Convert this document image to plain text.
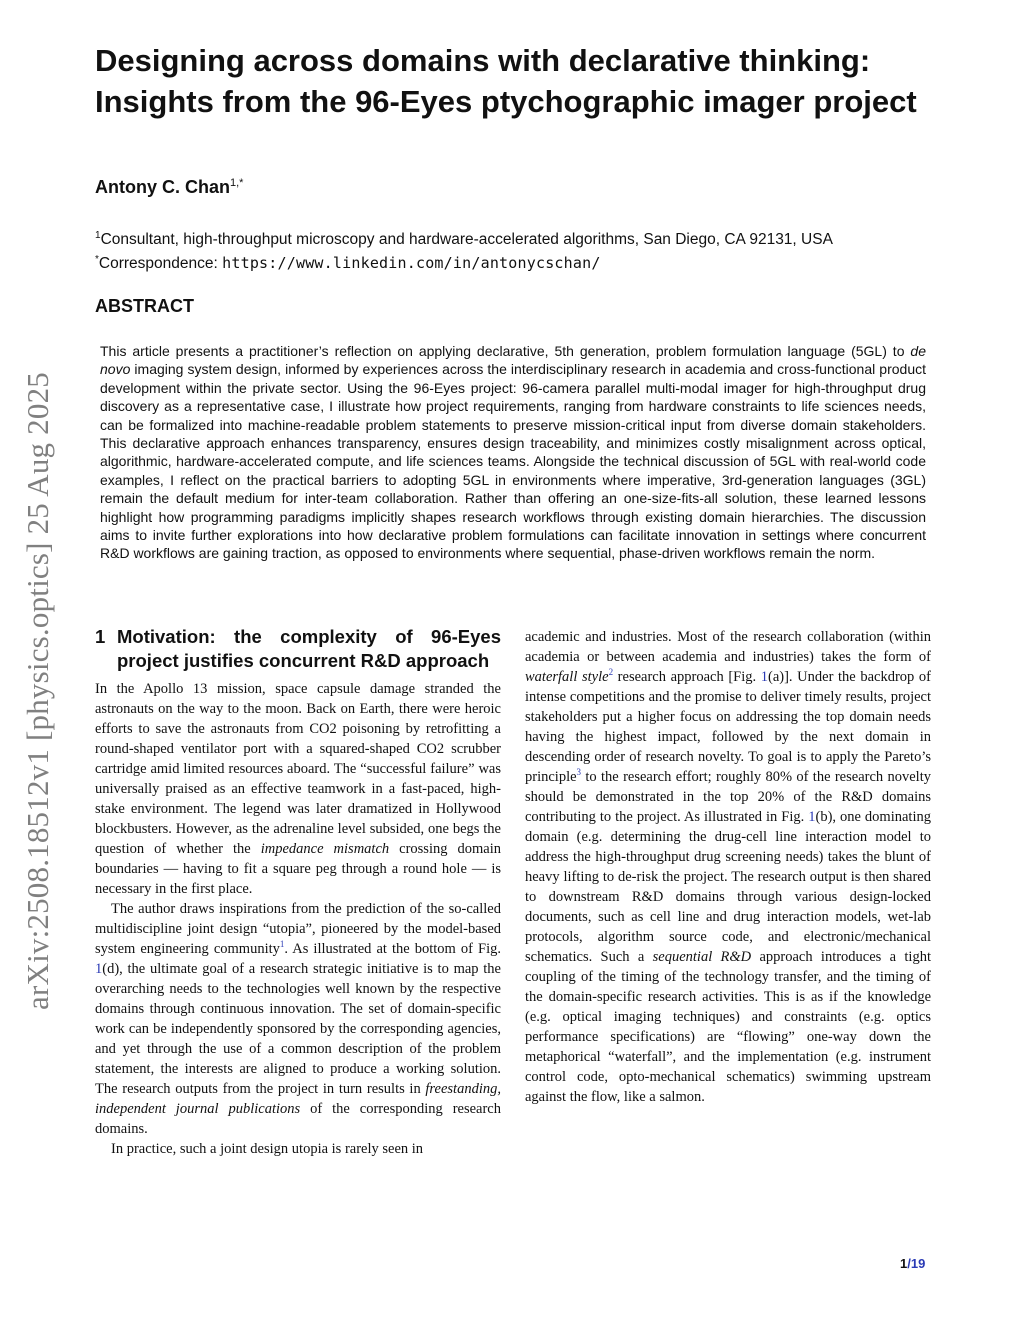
arXiv:2508.18512v1 [physics.optics] 25 Aug 2025
Designing across domains with declarative thinking: Insights from the 96-Eyes ptychographic imager project
Antony C. Chan$^{1,*}$
$^1$Consultant, high-throughput microscopy and hardware-accelerated algorithms, San Diego, CA 92131, USA
*Correspondence: https://www.linkedin.com/in/antonycschan/
ABSTRACT

This article presents a practitioner’s reflection on applying declarative, 5th generation, problem formulation language (5GL) to de novo imaging system design, informed by experiences across the interdisciplinary research in academia and cross-functional product development within the private sector. Using the 96-Eyes project: 96-camera parallel multi-modal imager for high-throughput drug discovery as a representative case, I illustrate how project requirements, ranging from hardware constraints to life sciences needs, can be formalized into machine-readable problem statements to preserve mission-critical input from diverse domain stakeholders. This declarative approach enhances transparency, ensures design traceability, and minimizes costly misalignment across optical, algorithmic, hardware-accelerated compute, and life sciences teams. Alongside the technical discussion of 5GL with real-world code examples, I reflect on the practical barriers to adopting 5GL in environments where imperative, 3rd-generation languages (3GL) remain the default medium for inter-team collaboration. Rather than offering an one-size-fits-all solution, these learned lessons highlight how programming paradigms implicitly shapes research workflows through existing domain hierarchies. The discussion aims to invite further explorations into how declarative problem formulations can facilitate innovation in settings where concurrent R&D workflows are gaining traction, as opposed to environments where sequential, phase-driven workflows remain the norm.

1 Motivation: the complexity of 96-Eyes project justifies concurrent R&D approach

In the Apollo 13 mission, space capsule damage stranded the astronauts on the way to the moon. Back on Earth, there were heroic efforts to save the astronauts from CO2 poisoning by retrofitting a round-shaped ventilator port with a squared-shaped CO2 scrubber cartridge amid limited resources aboard. The “successful failure” was universally praised as an effective teamwork in a fast-paced, high-stake environment. The legend was later dramatized in Hollywood blockbusters. However, as the adrenaline level subsided, one begs the question of whether the impedance mismatch crossing domain boundaries — having to fit a square peg through a round hole — is necessary in the first place.

The author draws inspirations from the prediction of the so-called multidiscipline joint design “utopia”, pioneered by the model-based system engineering community$^1$. As illustrated at the bottom of Fig. 1(d), the ultimate goal of a research strategic initiative is to map the overarching needs to the technologies well known by the respective domains through continuous innovation. The set of domain-specific work can be independently sponsored by the corresponding agencies, and yet through the use of a common description of the problem statement, the interests are aligned to produce a working solution. The research outputs from the project in turn results in freestanding, independent journal publications of the corresponding research domains.

In practice, such a joint design utopia is rarely seen in

academic and industries. Most of the research collaboration (within academia or between academia and industries) takes the form of waterfall style$^2$ research approach [Fig. 1(a)]. Under the backdrop of intense competitions and the promise to deliver timely results, project stakeholders put a higher focus on addressing the top domain needs having the highest impact, followed by the next domain in descending order of research novelty. To goal is to apply the Pareto’s principle$^3$ to the research effort; roughly 80% of the research novelty should be demonstrated in the top 20% of the R&D domains contributing to the project. As illustrated in Fig. 1(b), one dominating domain (e.g. determining the drug-cell line interaction model to address the high-throughput drug screening needs) takes the blunt of heavy lifting to de-risk the project. The research output is then shared to downstream R&D domains through various design-locked documents, such as cell line and drug interaction models, wet-lab protocols, algorithm source code, and electronic/mechanical schematics. Such a sequential R&D approach introduces a tight coupling of the timing of the technology transfer, and the timing of the domain-specific research activities. This is as if the knowledge (e.g. optical imaging techniques) and constraints (e.g. optics performance specifications) are “flowing” one-way down the metaphorical “waterfall”, and the implementation (e.g. instrument control code, opto-mechanical schematics) swimming upstream against the flow, like a salmon.

1/19
